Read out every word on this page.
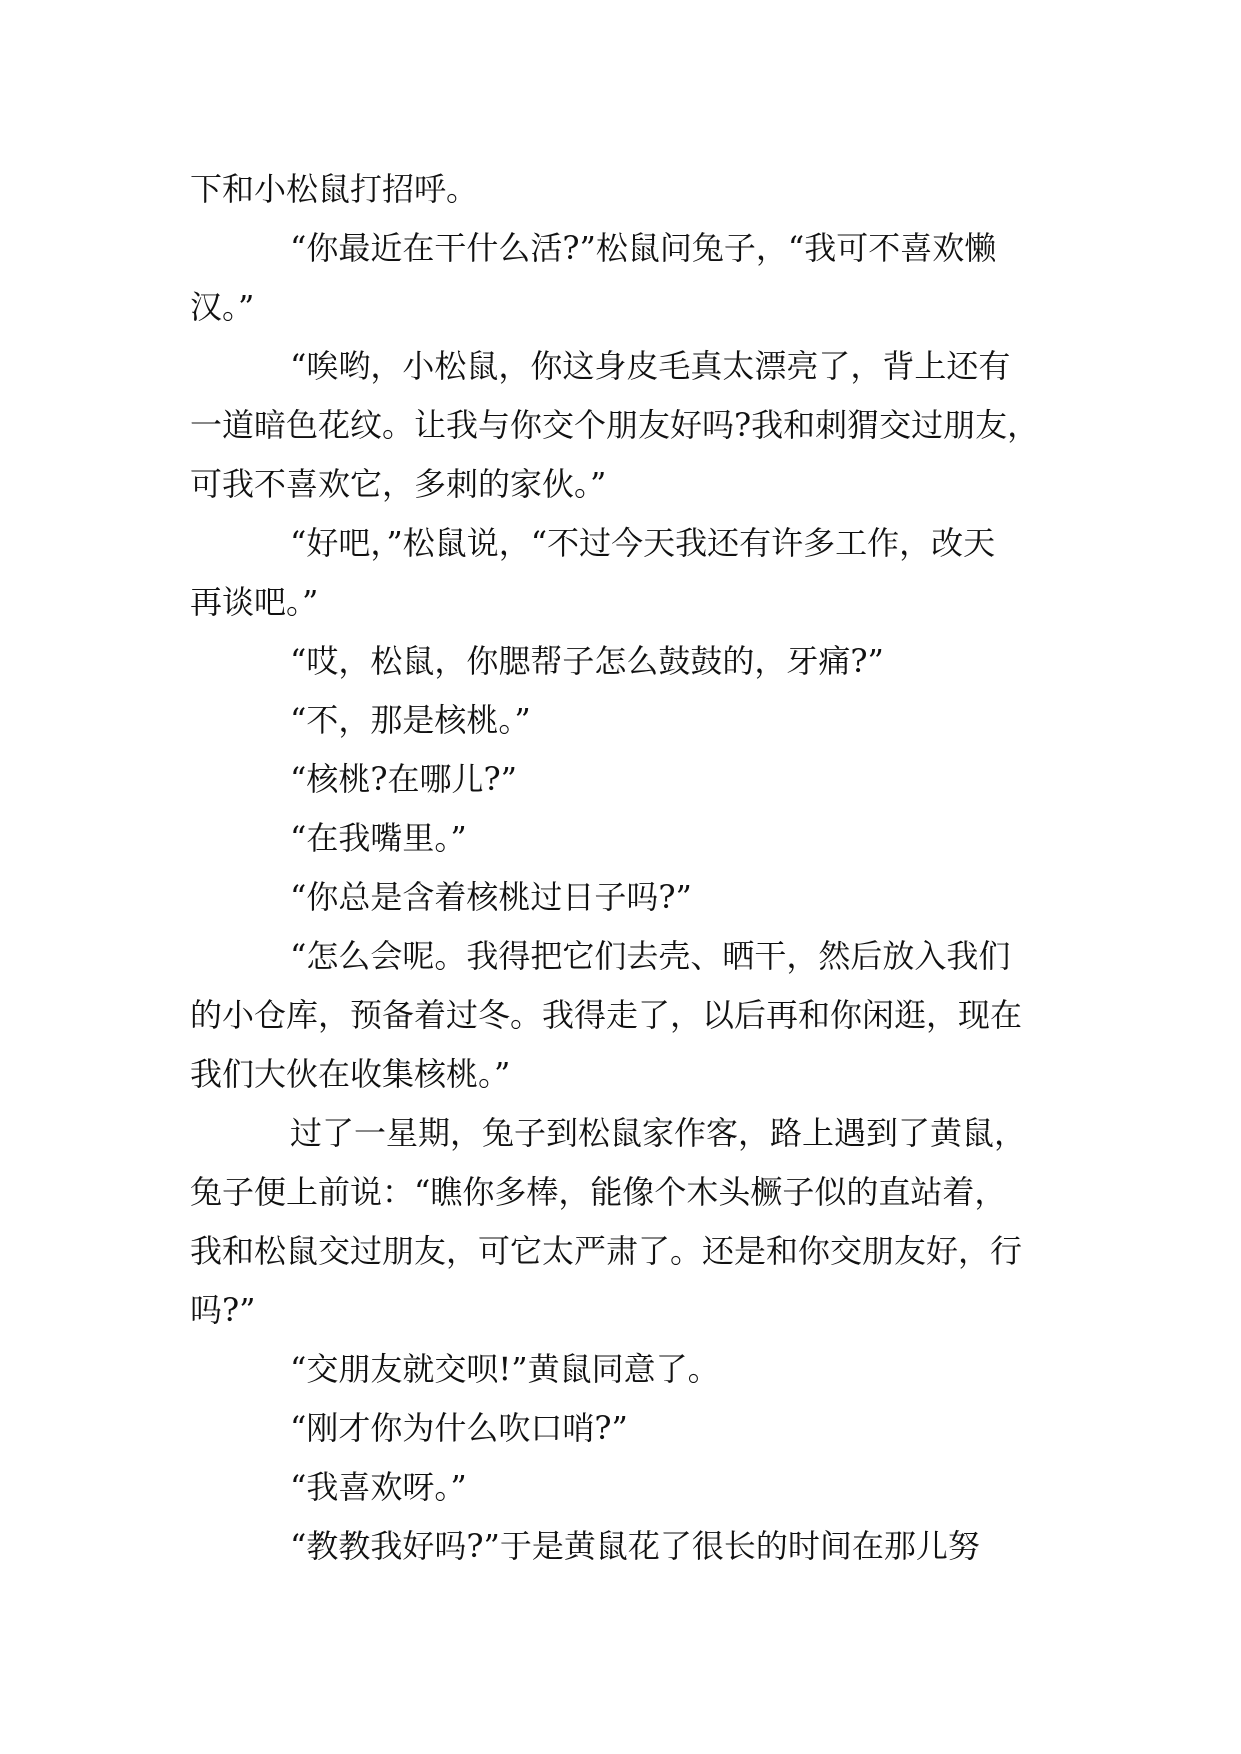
下和小松鼠打招呼。
“你最近在干什么活?”松鼠问兔子，“我可不喜欢懒
汉。”
“唉哟，小松鼠，你这身皮毛真太漂亮了，背上还有
一道暗色花纹。让我与你交个朋友好吗?我和刺猬交过朋友，
可我不喜欢它，多刺的家伙。”
“好吧，”松鼠说，“不过今天我还有许多工作，改天
再谈吧。”
“哎，松鼠，你腮帮子怎么鼓鼓的，牙痛?”
“不，那是核桃。”
“核桃?在哪儿?”
“在我嘴里。”
“你总是含着核桃过日子吗?”
“怎么会呢。我得把它们去壳、晒干，然后放入我们
的小仓库，预备着过冬。我得走了，以后再和你闲逛，现在
我们大伙在收集核桃。”
过了一星期，兔子到松鼠家作客，路上遇到了黄鼠，
兔子便上前说：“瞧你多棒，能像个木头橛子似的直站着，
我和松鼠交过朋友，可它太严肃了。还是和你交朋友好，行
吗?”
“交朋友就交呗!”黄鼠同意了。
“刚才你为什么吹口哨?”
“我喜欢呀。”
“教教我好吗?”于是黄鼠花了很长的时间在那儿努
